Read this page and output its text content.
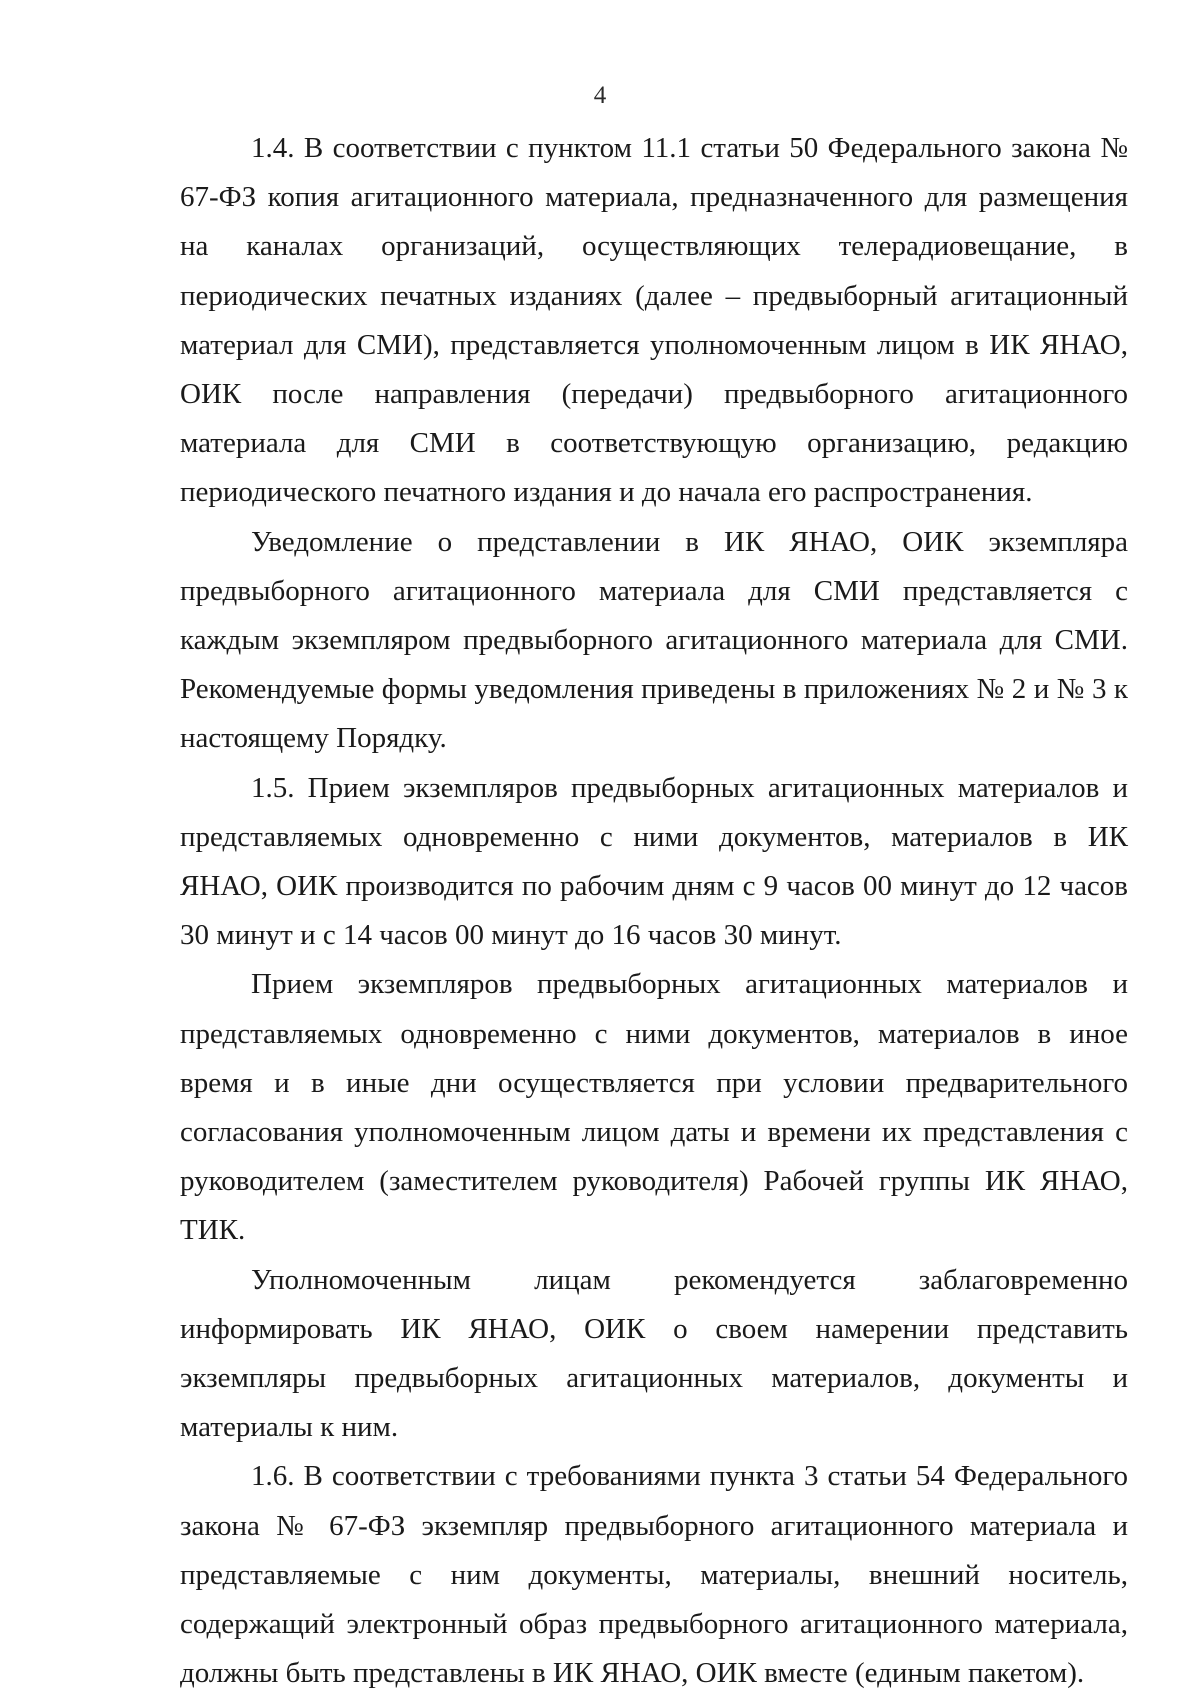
4

1.4. В соответствии с пунктом 11.1 статьи 50 Федерального закона № 67-ФЗ копия агитационного материала, предназначенного для размещения на каналах организаций, осуществляющих телерадиовещание, в периодических печатных изданиях (далее – предвыборный агитационный материал для СМИ), представляется уполномоченным лицом в ИК ЯНАО, ОИК после направления (передачи) предвыборного агитационного материала для СМИ в соответствующую организацию, редакцию периодического печатного издания и до начала его распространения.

Уведомление о представлении в ИК ЯНАО, ОИК экземпляра предвыборного агитационного материала для СМИ представляется с каждым экземпляром предвыборного агитационного материала для СМИ. Рекомендуемые формы уведомления приведены в приложениях № 2 и № 3 к настоящему Порядку.

1.5. Прием экземпляров предвыборных агитационных материалов и представляемых одновременно с ними документов, материалов в ИК ЯНАО, ОИК производится по рабочим дням с 9 часов 00 минут до 12 часов 30 минут и с 14 часов 00 минут до 16 часов 30 минут.

Прием экземпляров предвыборных агитационных материалов и представляемых одновременно с ними документов, материалов в иное время и в иные дни осуществляется при условии предварительного согласования уполномоченным лицом даты и времени их представления с руководителем (заместителем руководителя) Рабочей группы ИК ЯНАО, ТИК.

Уполномоченным лицам рекомендуется заблаговременно информировать ИК ЯНАО, ОИК о своем намерении представить экземпляры предвыборных агитационных материалов, документы и материалы к ним.

1.6. В соответствии с требованиями пункта 3 статьи 54 Федерального закона № 67-ФЗ экземпляр предвыборного агитационного материала и представляемые с ним документы, материалы, внешний носитель, содержащий электронный образ предвыборного агитационного материала, должны быть представлены в ИК ЯНАО, ОИК вместе (единым пакетом).
